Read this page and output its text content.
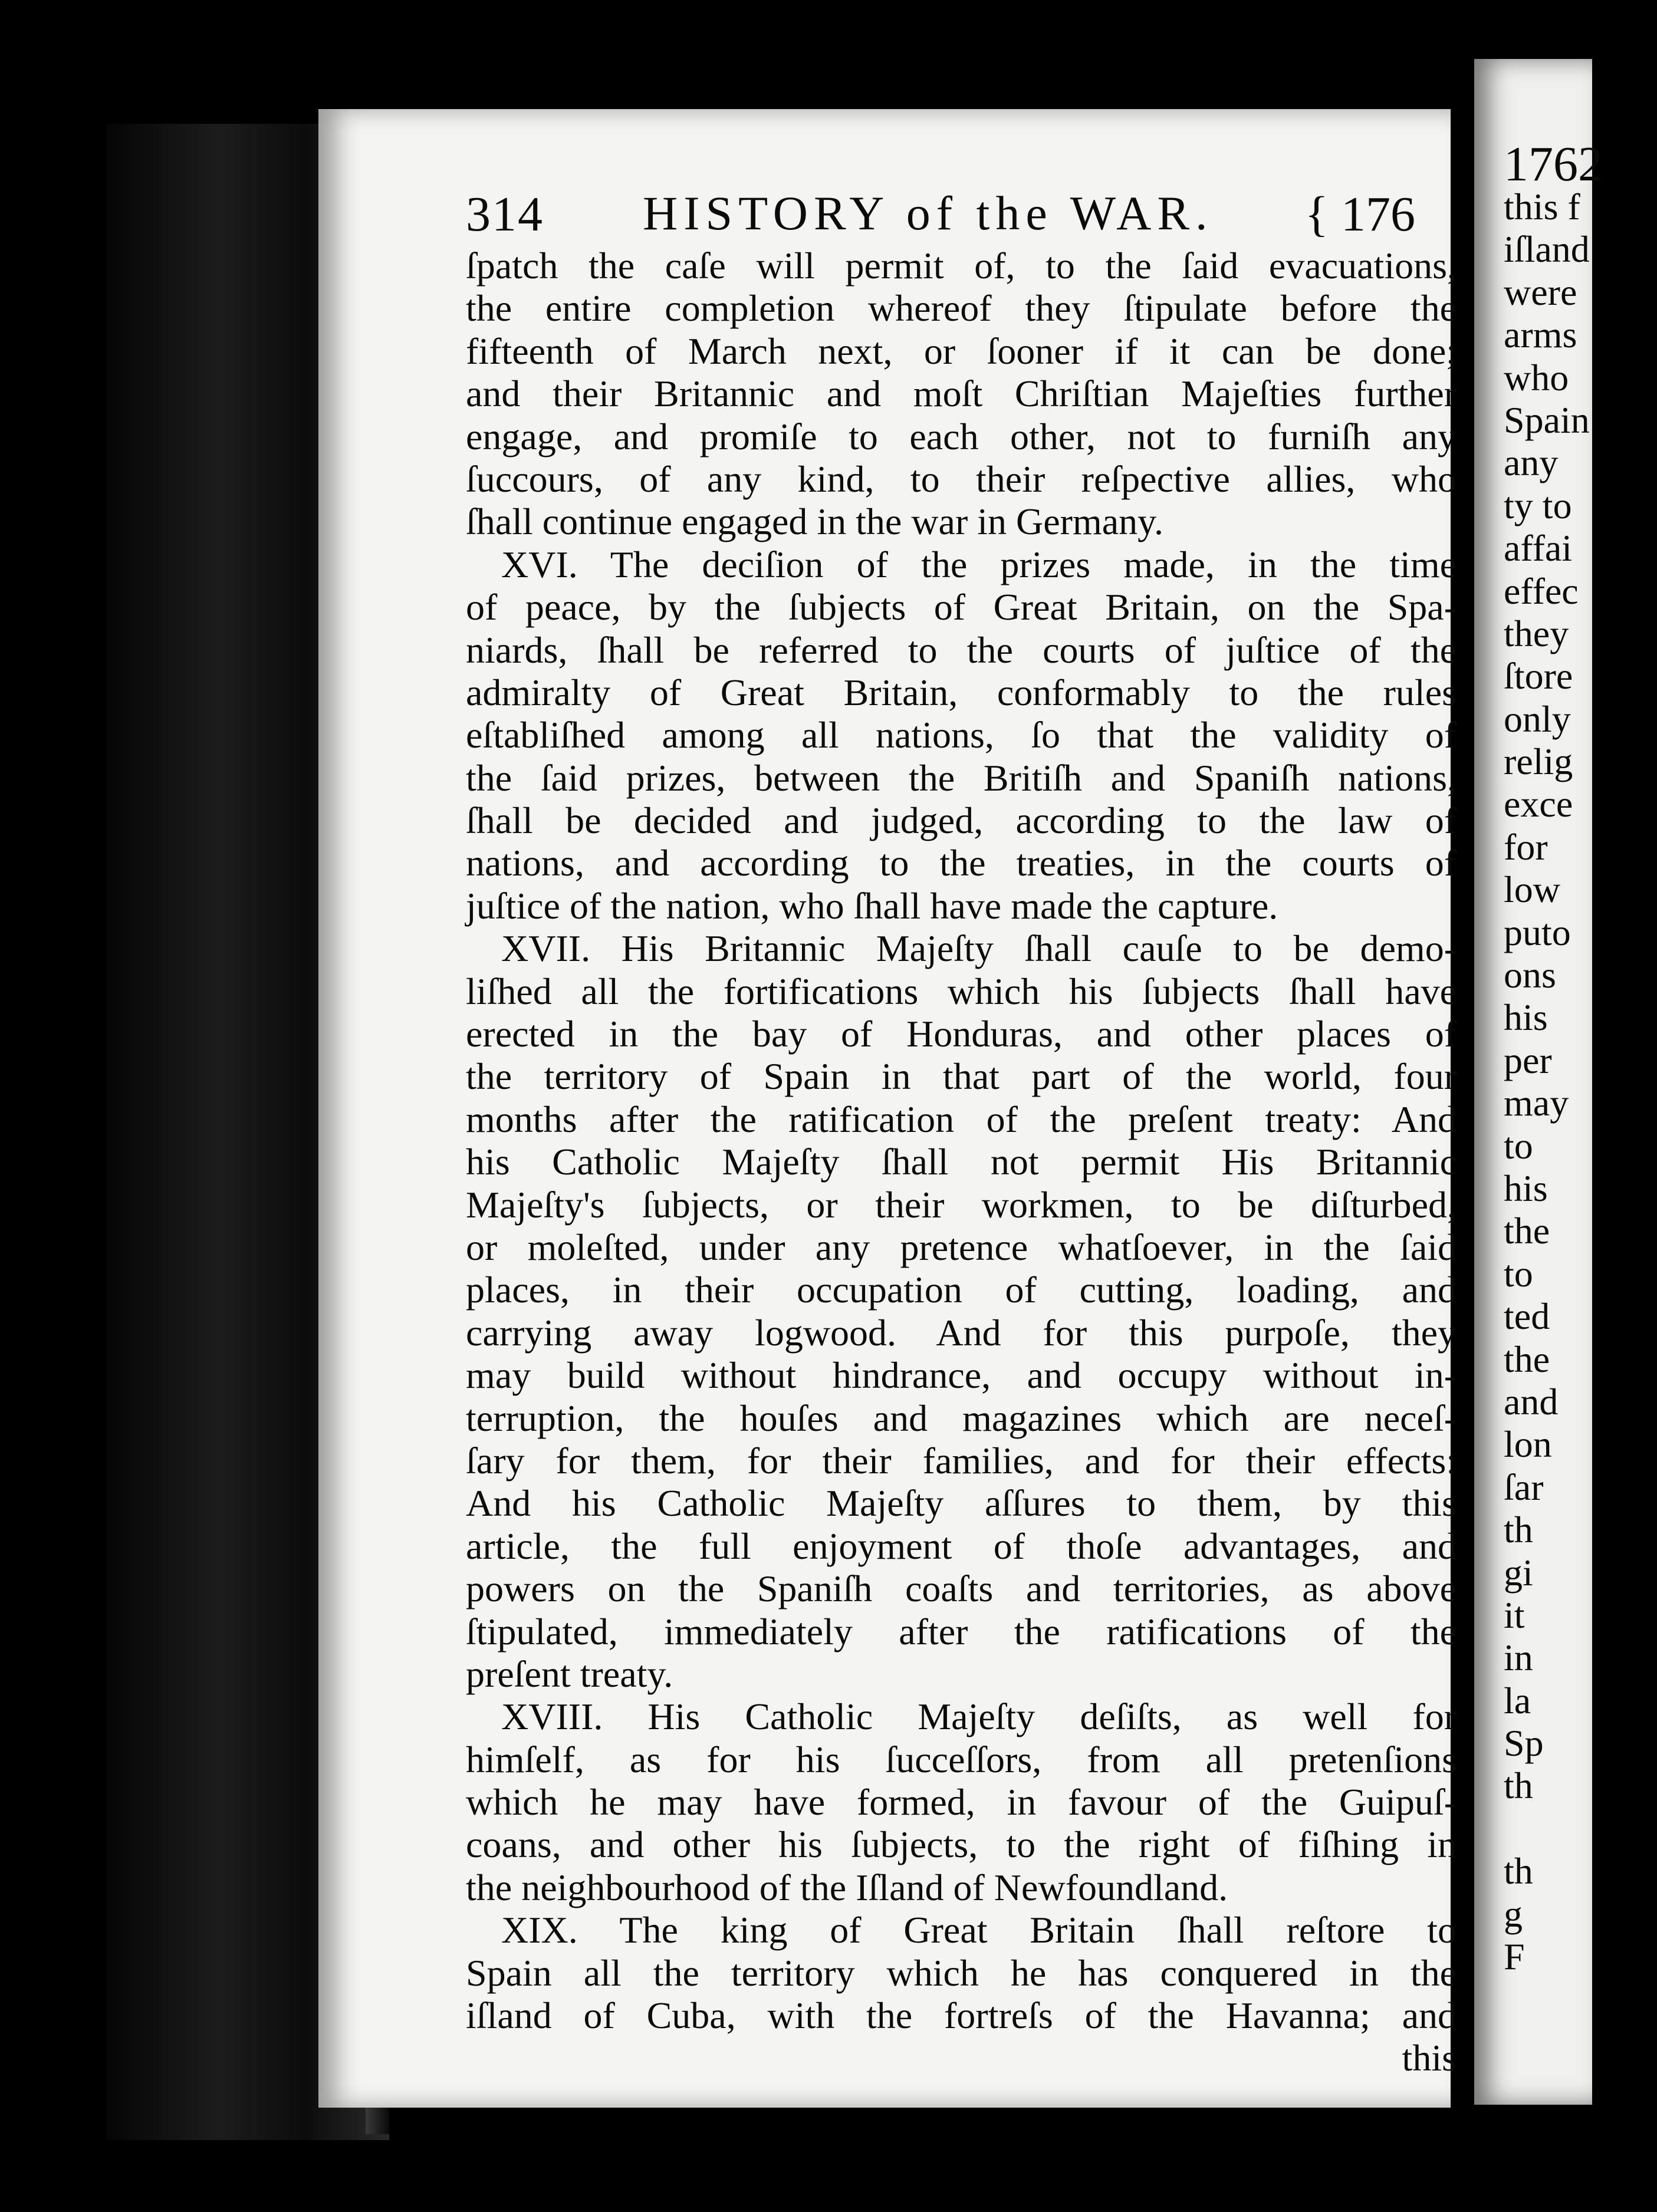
314 HISTORY of the WAR. { 176
ſpatch the caſe will permit of, to the ſaid evacuations,
the entire completion whereof they ſtipulate before the
fifteenth of March next, or ſooner if it can be done;
and their Britannic and moſt Chriſtian Majeſties further
engage, and promiſe to each other, not to furniſh any
ſuccours, of any kind, to their reſpective allies, who
ſhall continue engaged in the war in Germany.
XVI. The deciſion of the prizes made, in the time
of peace, by the ſubjects of Great Britain, on the Spa-
niards, ſhall be referred to the courts of juſtice of the
admiralty of Great Britain, conformably to the rules
eſtabliſhed among all nations, ſo that the validity of
the ſaid prizes, between the Britiſh and Spaniſh nations,
ſhall be decided and judged, according to the law of
nations, and according to the treaties, in the courts of
juſtice of the nation, who ſhall have made the capture.
XVII. His Britannic Majeſty ſhall cauſe to be demo-
liſhed all the fortifications which his ſubjects ſhall have
erected in the bay of Honduras, and other places of
the territory of Spain in that part of the world, four
months after the ratification of the preſent treaty: And
his Catholic Majeſty ſhall not permit His Britannic
Majeſty's ſubjects, or their workmen, to be diſturbed,
or moleſted, under any pretence whatſoever, in the ſaid
places, in their occupation of cutting, loading, and
carrying away logwood. And for this purpoſe, they
may build without hindrance, and occupy without in-
terruption, the houſes and magazines which are neceſ-
ſary for them, for their families, and for their effects:
And his Catholic Majeſty aſſures to them, by this
article, the full enjoyment of thoſe advantages, and
powers on the Spaniſh coaſts and territories, as above
ſtipulated, immediately after the ratifications of the
preſent treaty.
XVIII. His Catholic Majeſty deſiſts, as well for
himſelf, as for his ſucceſſors, from all pretenſions
which he may have formed, in favour of the Guipuſ-
coans, and other his ſubjects, to the right of fiſhing in
the neighbourhood of the Iſland of Newfoundland.
XIX. The king of Great Britain ſhall reſtore to
Spain all the territory which he has conquered in the
iſland of Cuba, with the fortreſs of the Havanna; and
this
1762
this f
iſland
were
arms
who
Spain
any
ty to
affai
effec
they
ſtore
only
relig
exce
for
low
puto
ons
his
per
may
to
his
the
to
ted
the
and
lon
ſar
th
gi
it
in
la
Sp
th
th
g
F
